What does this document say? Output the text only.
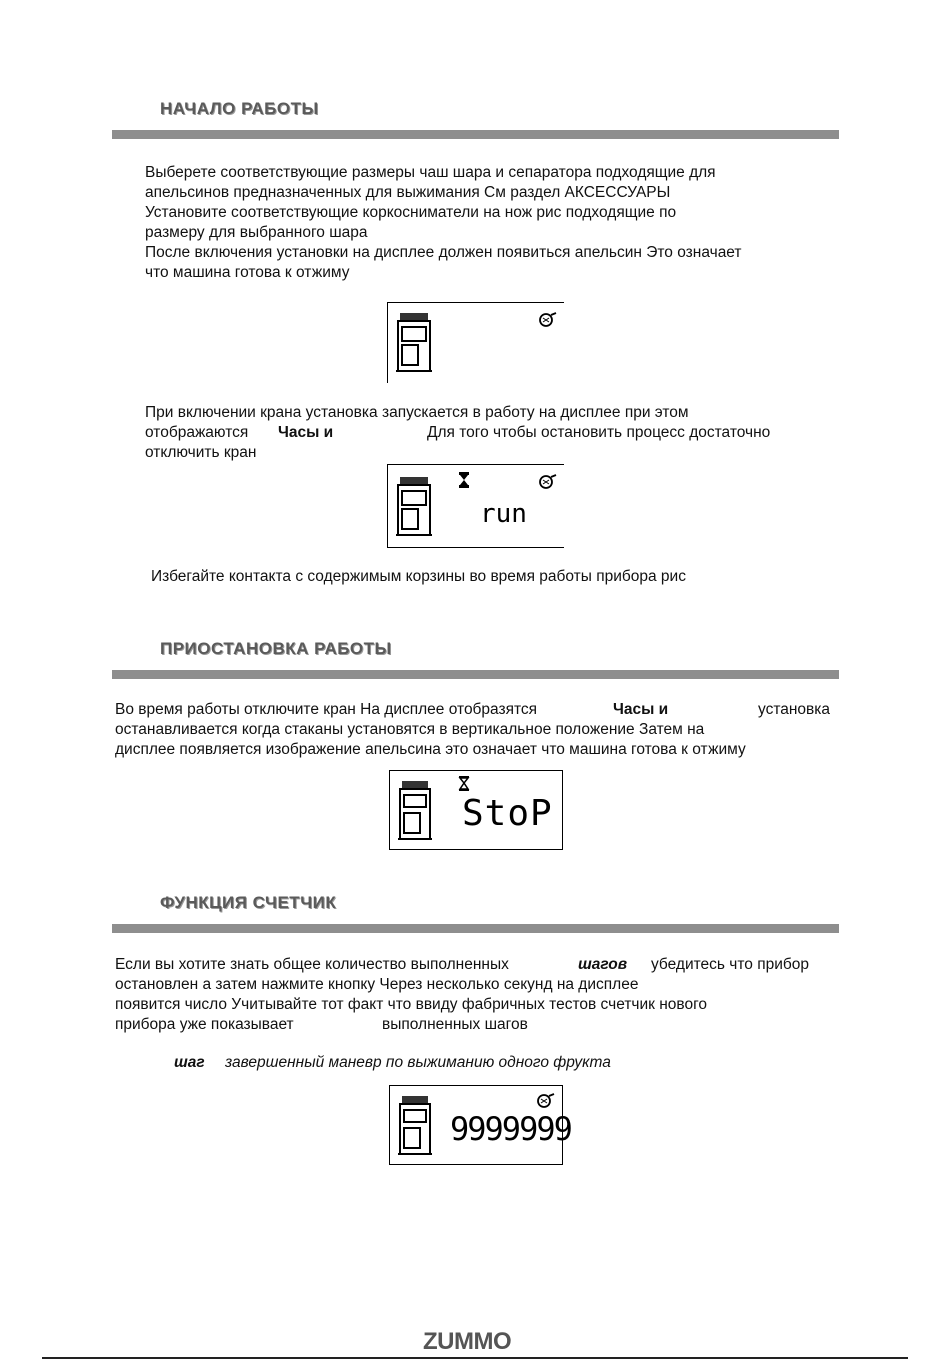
НАЧАЛО РАБОТЫ
Выберете соответствующие размеры чаш шара и сепаратора подходящие для
апельсинов предназначенных для выжимания См раздел АКСЕССУАРЫ
Установите соответствующие коркосниматели на нож рис подходящие по
размеру для выбранного шара
После включения установки на дисплее должен появиться апельсин Это означает
что машина готова к отжиму
При включении крана установка запускается в работу на дисплее при этом
отображаются Часы и	Для того чтобы остановить процесс достаточно
отключить кран
run
Избегайте контакта с содержимым корзины во время работы прибора рис
ПРИОСТАНОВКА РАБОТЫ
Во время работы отключите кран На дисплее отобразятся	Часы и	установка
останавливается когда стаканы установятся в вертикальное положение Затем на
дисплее появляется изображение апельсина это означает что машина готова к отжиму
StoP
ФУНКЦИЯ СЧЕТЧИК
Если вы хотите знать общее количество выполненных	шагов убедитесь что прибор
остановлен а затем нажмите кнопку Через несколько секунд на дисплее
появится число Учитывайте тот факт что ввиду фабричных тестов счетчик нового
прибора уже показывает	выполненных шагов
шаг завершенный маневр по выжиманию одного фрукта
9999999
ZUMMO
